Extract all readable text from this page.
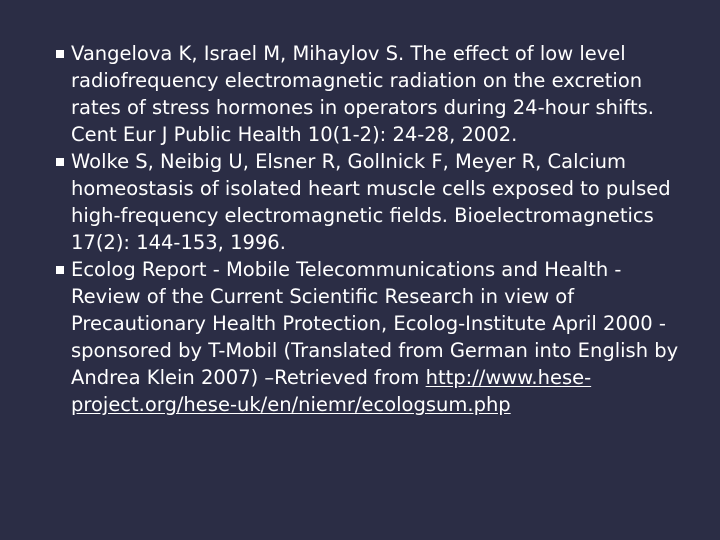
Vangelova K, Israel M, Mihaylov S. The effect of low level radiofrequency electromagnetic radiation on the excretion rates of stress hormones in operators during 24-hour shifts. Cent Eur J Public Health 10(1-2): 24-28, 2002.
Wolke S, Neibig U, Elsner R, Gollnick F, Meyer R, Calcium homeostasis of isolated heart muscle cells exposed to pulsed high-frequency electromagnetic fields. Bioelectromagnetics 17(2): 144-153, 1996.
Ecolog Report - Mobile Telecommunications and Health - Review of the Current Scientific Research in view of Precautionary Health Protection, Ecolog-Institute April 2000 - sponsored by T-Mobil (Translated from German into English by Andrea Klein 2007) –Retrieved from http://www.hese-project.org/hese-uk/en/niemr/ecologsum.php
